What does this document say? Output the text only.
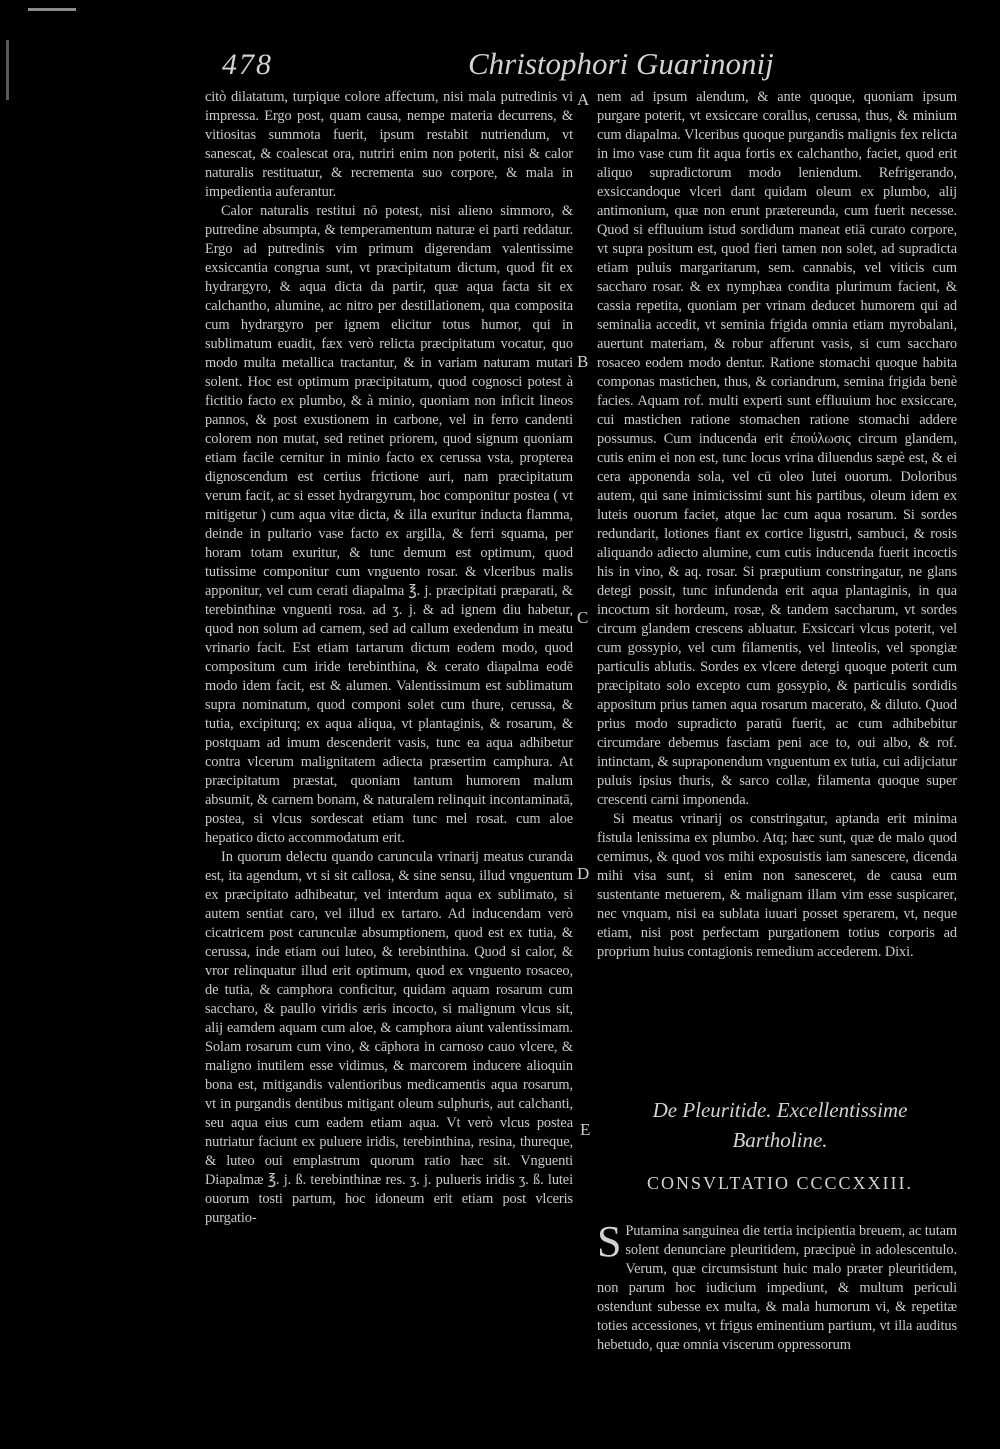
478	Christophori Guarinonij
A
B
C
D
E

citò dilatatum, turpique colore affectum, nisi mala putredinis vi impressa. Ergo post, quam causa, nempe materia decurrens, & vitiositas summota fuerit, ipsum restabit nutriendum, vt sanescat, & coalescat ora, nutriri enim non poterit, nisi & calor naturalis restituatur, & recrementa suo corpore, & mala in impedientia auferantur.

Calor naturalis restitui nō potest, nisi alieno simmoro, & putredine absumpta, & temperamentum naturæ ei parti reddatur. Ergo ad putredinis vim primum digerendam valentissime exsiccantia congrua sunt, vt præcipitatum dictum, quod fit ex hydrargyro, & aqua dicta da partir, quæ aqua facta sit ex calchantho, alumine, ac nitro per destillationem, qua composita cum hydrargyro per ignem elicitur totus humor, qui in sublimatum euadit, fæx verò relicta præcipitatum vocatur, quo modo multa metallica tractantur, & in variam naturam mutari solent. Hoc est optimum præcipitatum, quod cognosci potest à fictitio facto ex plumbo, & à minio, quoniam non inficit lineos pannos, & post exustionem in carbone, vel in ferro candenti colorem non mutat, sed retinet priorem, quod signum quoniam etiam facile cernitur in minio facto ex cerussa vsta, propterea dignoscendum est certius frictione auri, nam præcipitatum verum facit, ac si esset hydrargyrum, hoc componitur postea ( vt mitigetur ) cum aqua vitæ dicta, & illa exuritur inducta flamma, deinde in pultario vase facto ex argilla, & ferri squama, per horam totam exuritur, & tunc demum est optimum, quod tutissime componitur cum vnguento rosar. & vlceribus malis apponitur, vel cum cerati diapalma ℥. j. præcipitati præparati, & terebinthinæ vnguenti rosa. ad ʒ. j. & ad ignem diu habetur, quod non solum ad carnem, sed ad callum exedendum in meatu vrinario facit. Est etiam tartarum dictum eodem modo, quod compositum cum iride terebinthina, & cerato diapalma eodē modo idem facit, est & alumen. Valentissimum est sublimatum supra nominatum, quod componi solet cum thure, cerussa, & tutia, excipiturq; ex aqua aliqua, vt plantaginis, & rosarum, & postquam ad imum descenderit vasis, tunc ea aqua adhibetur contra vlcerum malignitatem adiecta præsertim camphura. At præcipitatum præstat, quoniam tantum humorem malum absumit, & carnem bonam, & naturalem relinquit incontaminatā, postea, si vlcus sordescat etiam tunc mel rosat. cum aloe hepatico dicto accommodatum erit.

In quorum delectu quando caruncula vrinarij meatus curanda est, ita agendum, vt si sit callosa, & sine sensu, illud vnguentum ex præcipitato adhibeatur, vel interdum aqua ex sublimato, si autem sentiat caro, vel illud ex tartaro. Ad inducendam verò cicatricem post carunculæ absumptionem, quod est ex tutia, & cerussa, inde etiam oui luteo, & terebinthina. Quod si calor, & vror relinquatur illud erit optimum, quod ex vnguento rosaceo, de tutia, & camphora conficitur, quidam aquam rosarum cum saccharo, & paullo viridis æris incocto, si malignum vlcus sit, alij eamdem aquam cum aloe, & camphora aiunt valentissimam. Solam rosarum cum vino, & cāphora in carnoso cauo vlcere, & maligno inutilem esse vidimus, & marcorem inducere alioquin bona est, mitigandis valentioribus medicamentis aqua rosarum, vt in purgandis dentibus mitigant oleum sulphuris, aut calchanti, seu aqua eius cum eadem etiam aqua. Vt verò vlcus postea nutriatur faciunt ex puluere iridis, terebinthina, resina, thureque, & luteo oui emplastrum quorum ratio hæc sit. Vnguenti Diapalmæ ℥. j. ß. terebinthinæ res. ʒ. j. pulueris iridis ʒ. ß. lutei ouorum tosti partum, hoc idoneum erit etiam post vlceris purgatio-

nem ad ipsum alendum, & ante quoque, quoniam ipsum purgare poterit, vt exsiccare corallus, cerussa, thus, & minium cum diapalma. Vlceribus quoque purgandis malignis fex relicta in imo vase cum fit aqua fortis ex calchantho, faciet, quod erit aliquo supradictorum modo leniendum. Refrigerando, exsiccandoque vlceri dant quidam oleum ex plumbo, alij antimonium, quæ non erunt prætereunda, cum fuerit necesse. Quod si effluuium istud sordidum maneat etiā curato corpore, vt supra positum est, quod fieri tamen non solet, ad supradicta etiam puluis margaritarum, sem. cannabis, vel viticis cum saccharo rosar. & ex nymphæa condita plurimum facient, & cassia repetita, quoniam per vrinam deducet humorem qui ad seminalia accedit, vt seminia frigida omnia etiam myrobalani, auertunt materiam, & robur afferunt vasis, si cum saccharo rosaceo eodem modo dentur. Ratione stomachi quoque habita componas mastichen, thus, & coriandrum, semina frigida benè facies. Aquam rof. multi experti sunt effluuium hoc exsiccare, cui mastichen ratione stomachen ratione stomachi addere possumus. Cum inducenda erit ἐπούλωσις circum glandem, cutis enim ei non est, tunc locus vrina diluendus sæpè est, & ei cera apponenda sola, vel cū oleo lutei ouorum. Doloribus autem, qui sane inimicissimi sunt his partibus, oleum idem ex luteis ouorum faciet, atque lac cum aqua rosarum. Si sordes redundarit, lotiones fiant ex cortice ligustri, sambuci, & rosis aliquando adiecto alumine, cum cutis inducenda fuerit incoctis his in vino, & aq. rosar. Si præputium constringatur, ne glans detegi possit, tunc infundenda erit aqua plantaginis, in qua incoctum sit hordeum, rosæ, & tandem saccharum, vt sordes circum glandem crescens abluatur. Exsiccari vlcus poterit, vel cum gossypio, vel cum filamentis, vel linteolis, vel spongiæ particulis ablutis. Sordes ex vlcere detergi quoque poterit cum præcipitato solo excepto cum gossypio, & particulis sordidis appositum prius tamen aqua rosarum macerato, & diluto. Quod prius modo supradicto paratū fuerit, ac cum adhibebitur circumdare debemus fasciam peni ace to, oui albo, & rof. intinctam, & supraponendum vnguentum ex tutia, cui adijciatur puluis ipsius thuris, & sarco collæ, filamenta quoque super crescenti carni imponenda.

Si meatus vrinarij os constringatur, aptanda erit minima fistula lenissima ex plumbo. Atq; hæc sunt, quæ de malo quod cernimus, & quod vos mihi exposuistis iam sanescere, dicenda mihi visa sunt, si enim non sanesceret, de causa eum sustentante metuerem, & malignam illam vim esse suspicarer, nec vnquam, nisi ea sublata iuuari posset sperarem, vt, neque etiam, nisi post perfectam purgationem totius corporis ad proprium huius contagionis remedium accederem. Dixi.

De Pleuritide. Excellentissime
Bartholine.
CONSVLTATIO CCCCXXIII.
S Putamina sanguinea die tertia incipientia breuem, ac tutam solent denunciare pleuritidem, præcipuè in adolescentulo. Verum, quæ circumsistunt huic malo præter pleuritidem, non parum hoc iudicium impediunt, & multum periculi ostendunt subesse ex multa, & mala humorum vi, & repetitæ toties accessiones, vt frigus eminentium partium, vt illa auditus hebetudo, quæ omnia viscerum oppressorum
